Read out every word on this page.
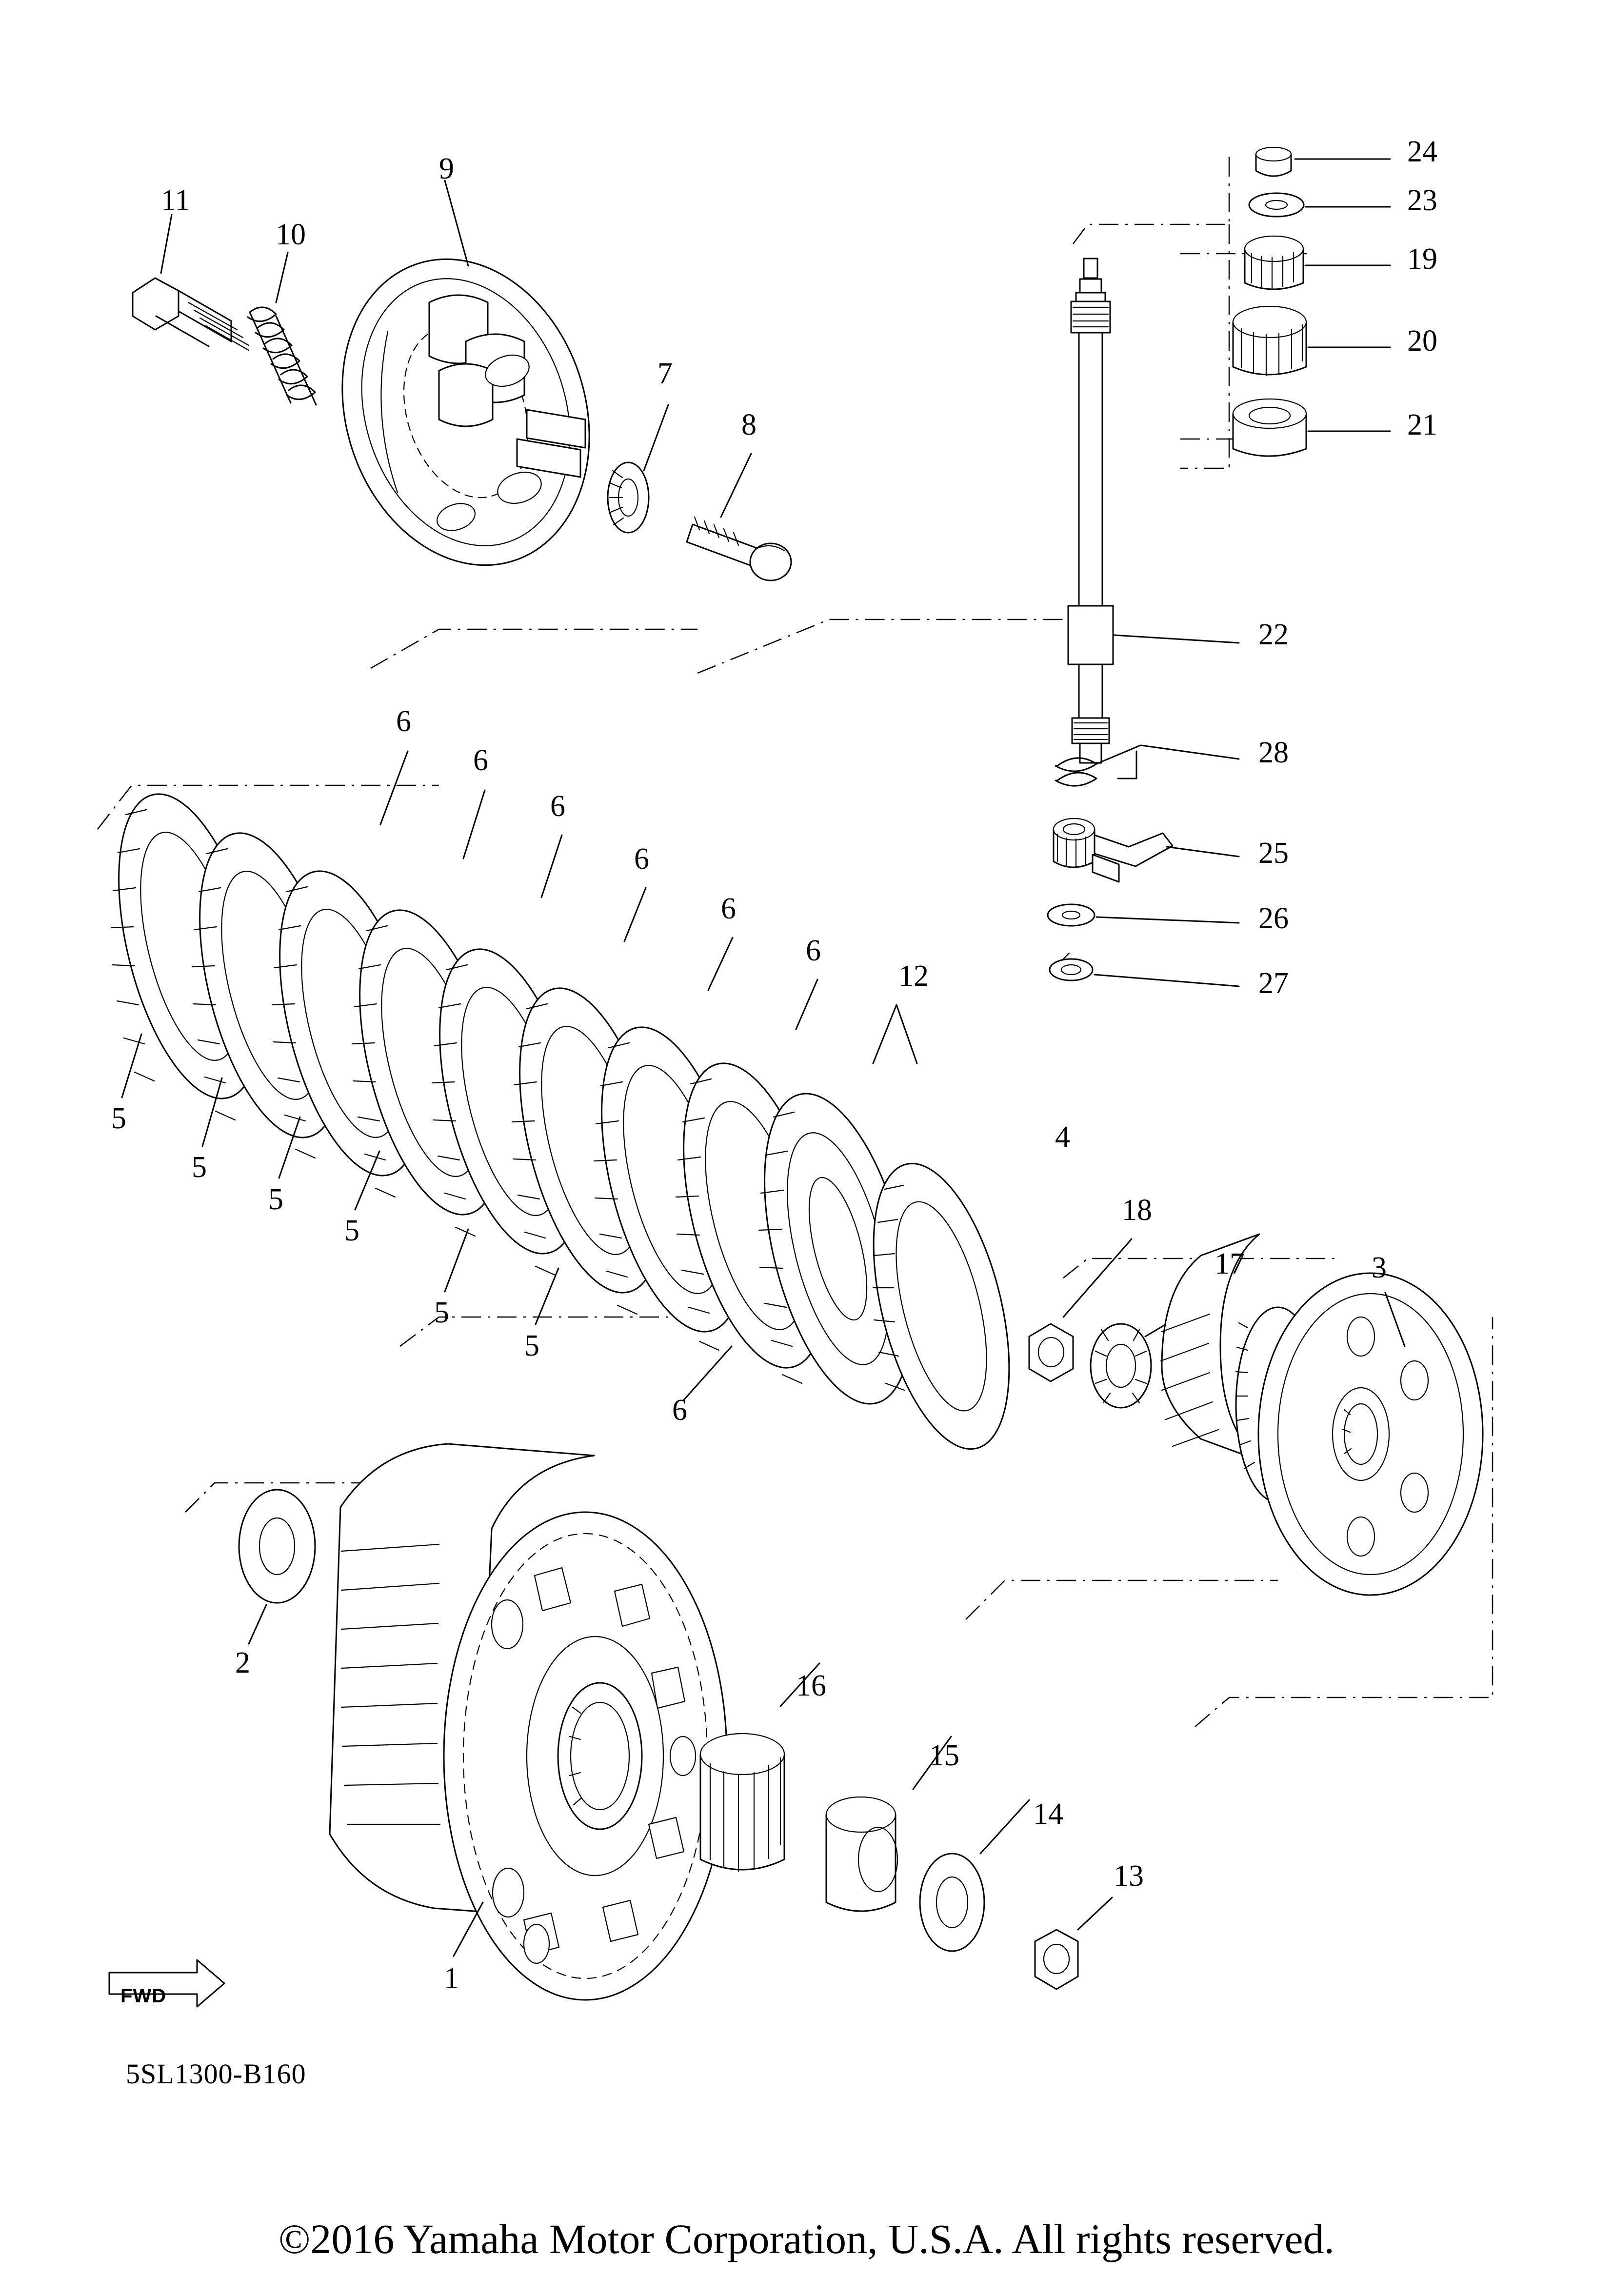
11
10
9
7
8
24
23
19
20
21
22
28
25
26
27
6
6
6
6
6
6
12
5
5
5
5
5
5
6
4
18
17	3
2
16
15
14
13
1
FWD
5SL1300-B160
©2016 Yamaha Motor Corporation, U.S.A. All rights reserved.
